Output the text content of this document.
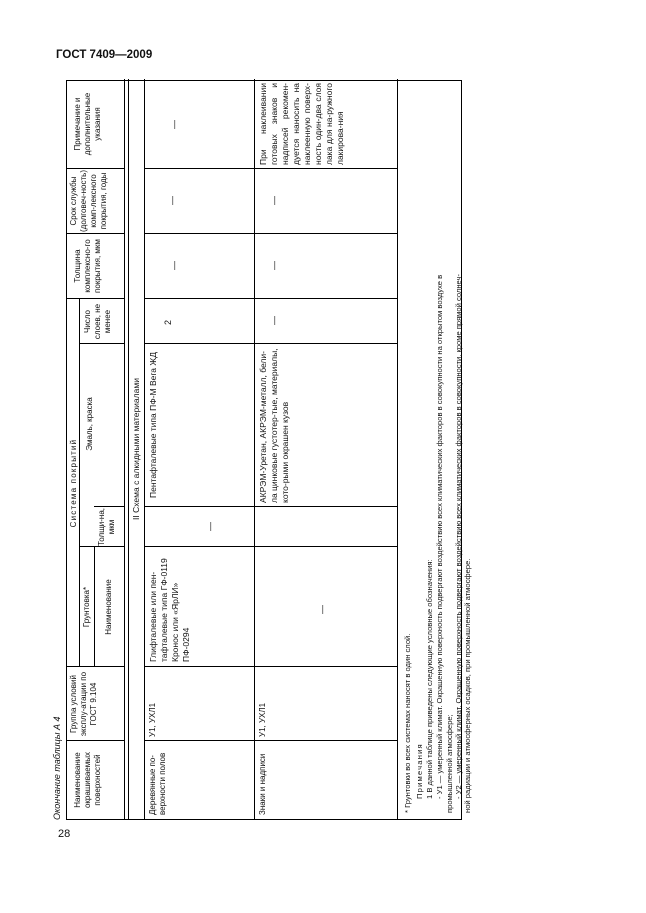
ГОСТ 7409—2009
28
Окончание таблицы А 4 Наименование окрашиваемых поверхностей
Группа условий эксплу-атации по ГОСТ 9.104
Система покрытий
Грунтовка* Наименование
Толщи-на, мкм
Эмаль, краска
Число слоев, не менее
Толщина комплексно-го покрытия, мкм
Срок службы (долговеч-ность) комп-лексного покрытия, годы
Примечание и дополнительные указания
II Схема с алкидными материалами
Деревянные по-верхности полов
У1, УХЛ1
Глифталевые или пен-тафталевые типа ГФ-0119 Кронос или «ЯрЛИ» ПФ-0294
—
Пентафталевые типа ПФ-М Вега ЖД
2
—
—
—
Знаки и надписи
У1, УХЛ1
—
АКРЭМ-Уретан, АКРЭМ-металл, бели-ла цинковые густотер-тые, материалы, кото-рыми окрашен кузов
—
—
—
При наклеивании готовых знаков и надписей рекомен-дуется наносить на наклеенную поверх-ность один-два слоя лака для на-ружного лакирова-ния
* Грунтовки во всех системах наносят в один слой. Примечания 1 В данной таблице приведены следующие условные обозначения: - У1 — умеренный климат. Окрашенную поверхность подвергают воздействию всех климатических факторов в совокупности на открытом воздухе в промышленной атмосфере; - У2 — умеренный климат. Окрашенную поверхность подвергают воздействию всех климатических факторов в совокупности, кроме прямой солнеч- ной радиации и атмосферных осадков, при промышленной атмосфере.
